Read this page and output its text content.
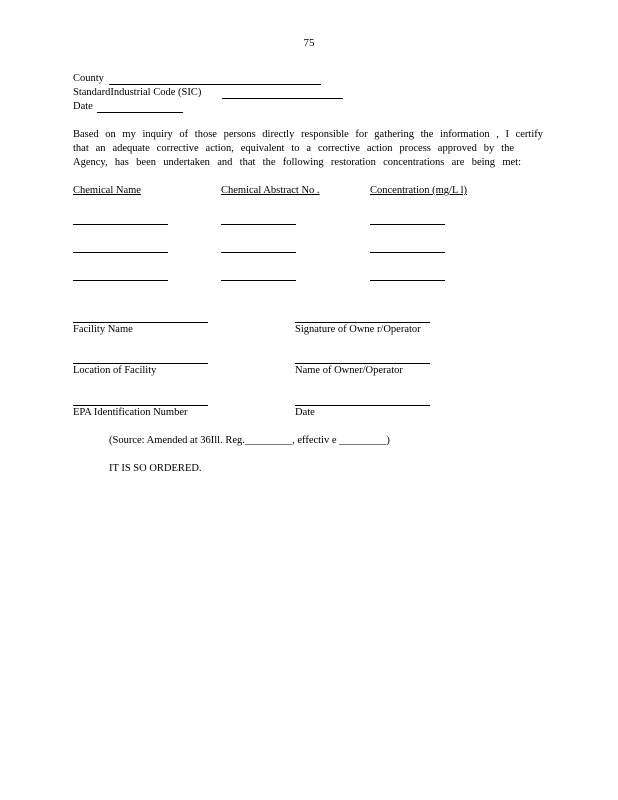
75
County
StandardIndustrial Code (SIC)
Date
Based on my inquiry of those persons directly responsible for gathering the information , I certify
that an adequate corrective action, equivalent to a corrective action process approved by the
Agency, has been undertaken and that the following restoration concentrations are being met:
Chemical Name	Chemical Abstract No .	Concentration (mg/L l)
Facility Name	Signature of Owne r/Operator
Location of Facility	Name of Owner/Operator
EPA Identification Number	Date
(Source: Amended at 36Ill. Reg._________, effectiv e _________)
IT IS SO ORDERED.
